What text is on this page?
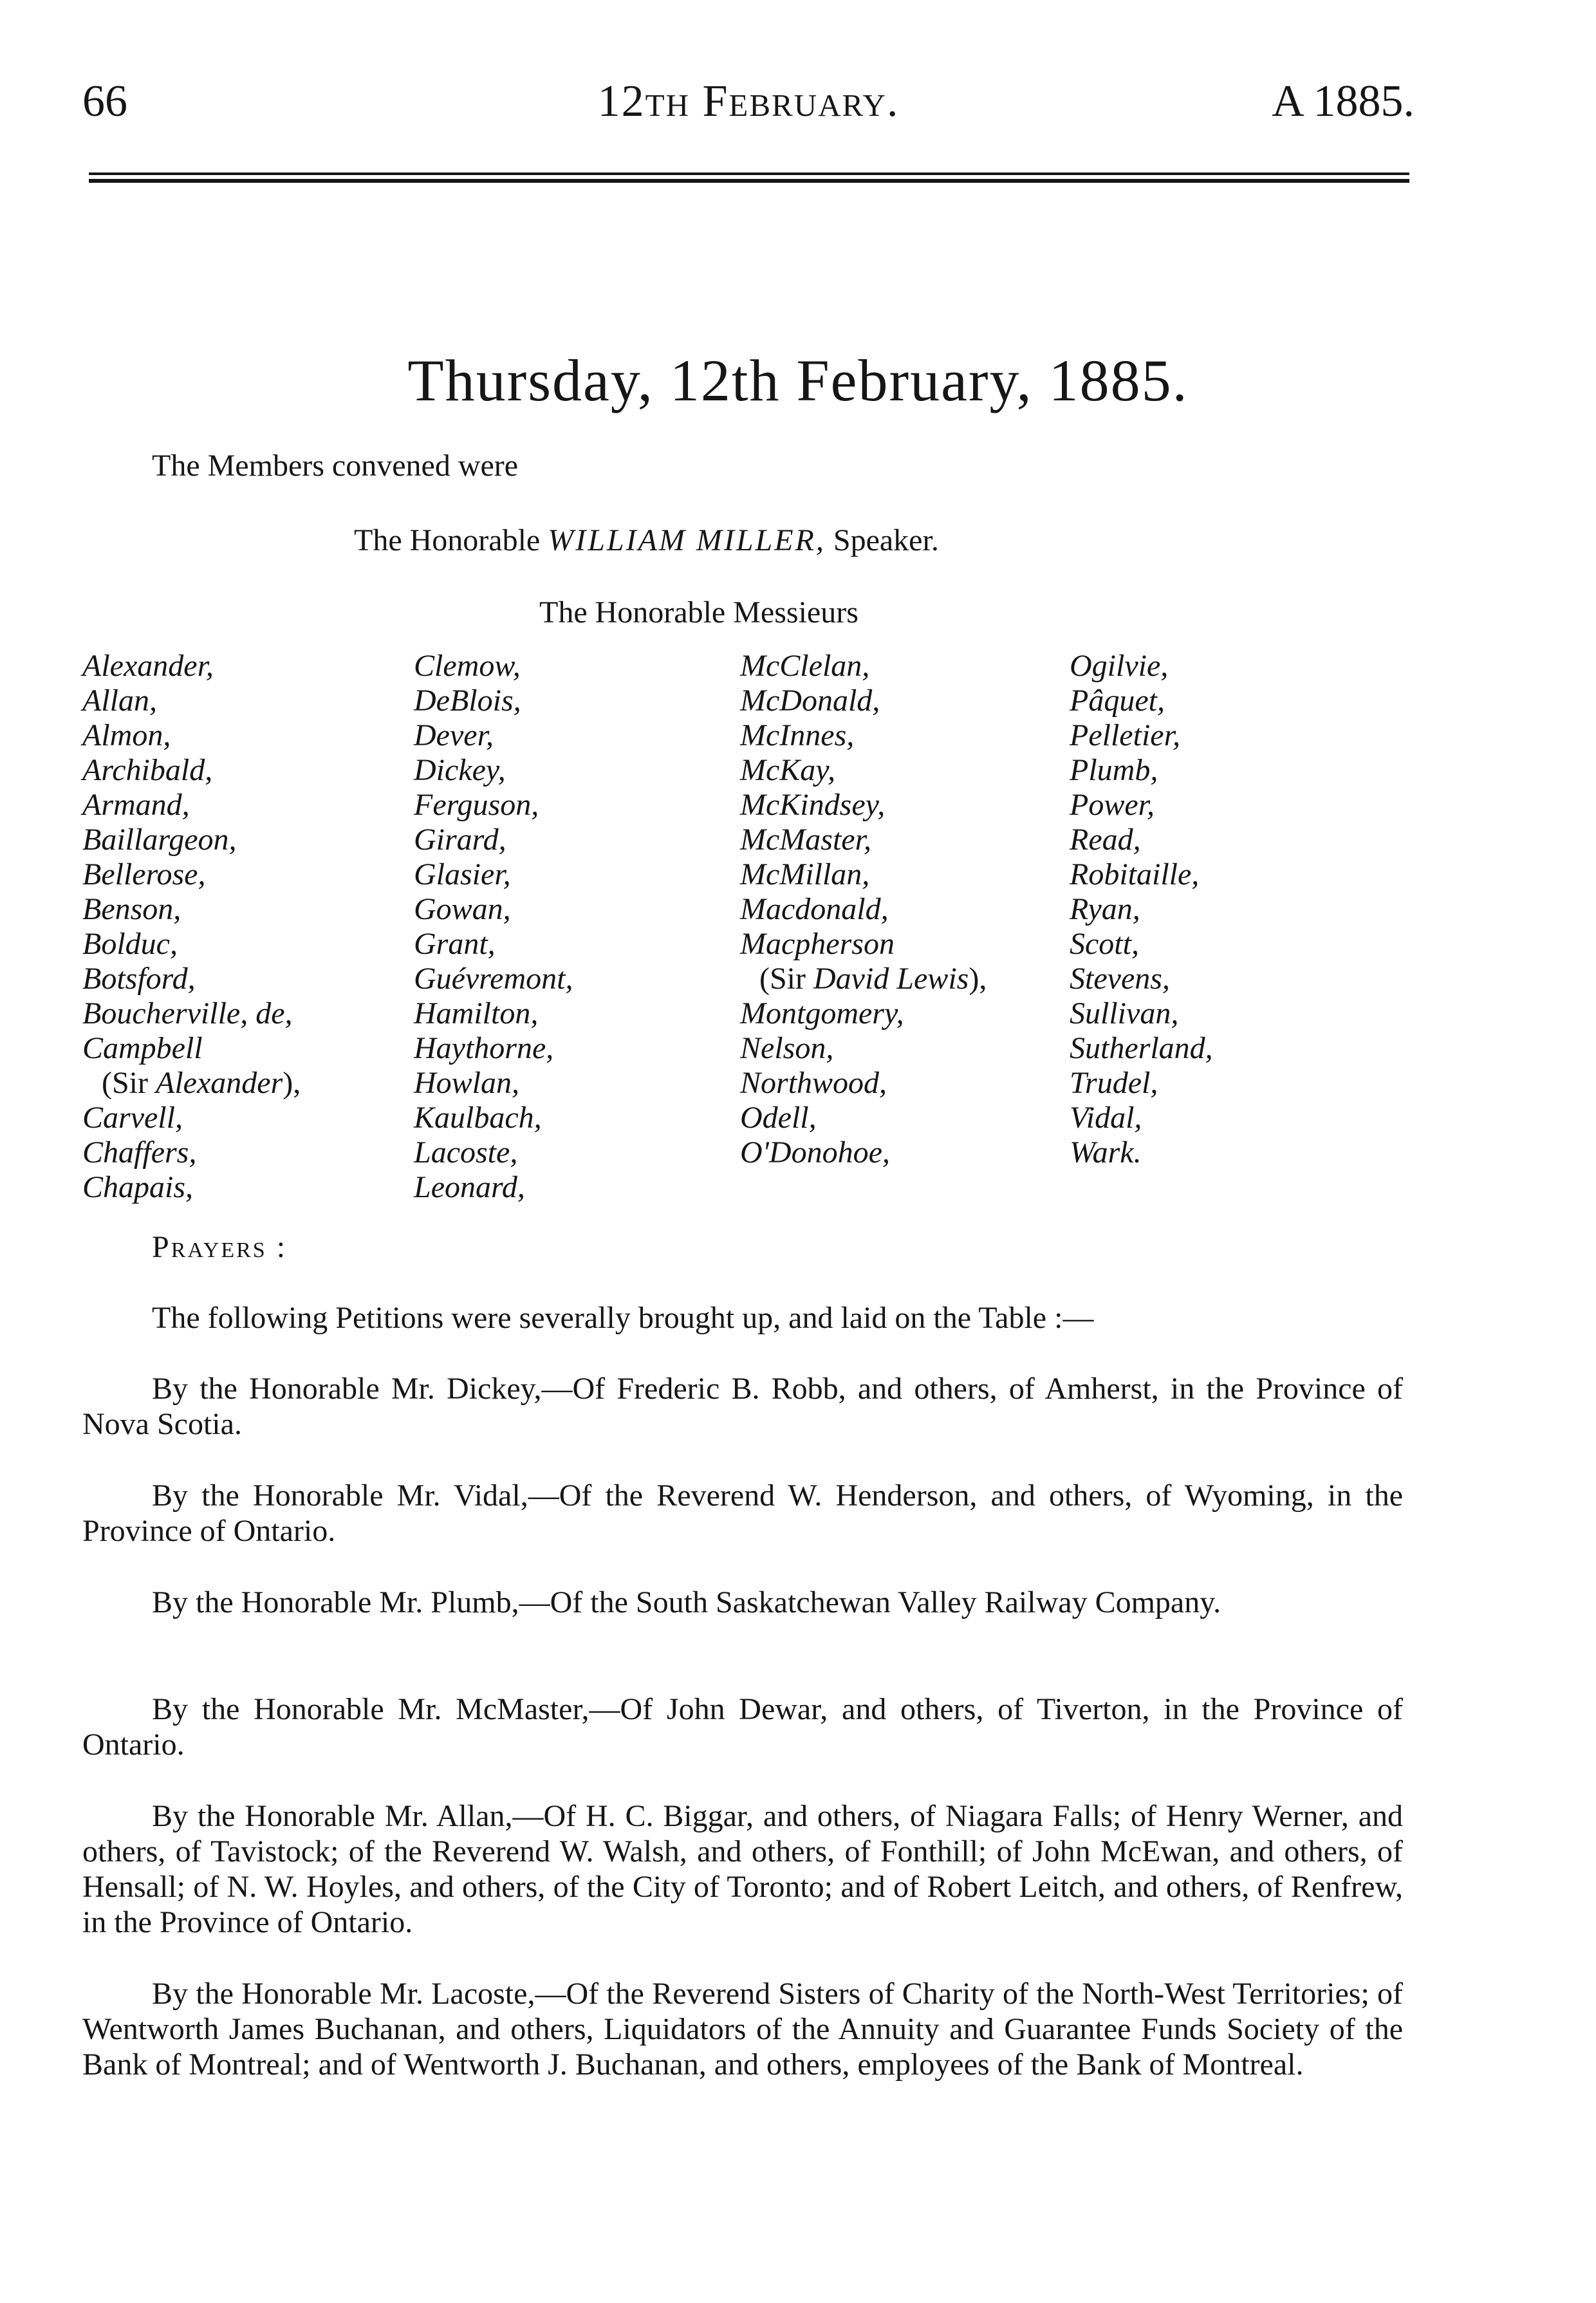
66	12th February.	A 1885.
Thursday, 12th February, 1885.
The Members convened were
The Honorable WILLIAM MILLER, Speaker.
The Honorable Messieurs
Alexander,
Allan,
Almon,
Archibald,
Armand,
Baillargeon,
Bellerose,
Benson,
Bolduc,
Botsford,
Boucherville, de,
Campbell
(Sir Alexander),
Carvell,
Chaffers,
Chapais,
Clemow,
DeBlois,
Dever,
Dickey,
Ferguson,
Girard,
Glasier,
Gowan,
Grant,
Guévremont,
Hamilton,
Haythorne,
Howlan,
Kaulbach,
Lacoste,
Leonard,
McClelan,
McDonald,
McInnes,
McKay,
McKindsey,
McMaster,
McMillan,
Macdonald,
Macpherson
(Sir David Lewis),
Montgomery,
Nelson,
Northwood,
Odell,
O'Donohoe,
Ogilvie,
Pâquet,
Pelletier,
Plumb,
Power,
Read,
Robitaille,
Ryan,
Scott,
Stevens,
Sullivan,
Sutherland,
Trudel,
Vidal,
Wark.
Prayers :
The following Petitions were severally brought up, and laid on the Table :—
By the Honorable Mr. Dickey,—Of Frederic B. Robb, and others, of Amherst, in the Province of Nova Scotia.
By the Honorable Mr. Vidal,—Of the Reverend W. Henderson, and others, of Wyoming, in the Province of Ontario.
By the Honorable Mr. Plumb,—Of the South Saskatchewan Valley Railway Company.
By the Honorable Mr. McMaster,—Of John Dewar, and others, of Tiverton, in the Province of Ontario.
By the Honorable Mr. Allan,—Of H. C. Biggar, and others, of Niagara Falls; of Henry Werner, and others, of Tavistock; of the Reverend W. Walsh, and others, of Fonthill; of John McEwan, and others, of Hensall; of N. W. Hoyles, and others, of the City of Toronto; and of Robert Leitch, and others, of Renfrew, in the Province of Ontario.
By the Honorable Mr. Lacoste,—Of the Reverend Sisters of Charity of the North-West Territories; of Wentworth James Buchanan, and others, Liquidators of the Annuity and Guarantee Funds Society of the Bank of Montreal; and of Wentworth J. Buchanan, and others, employees of the Bank of Montreal.
